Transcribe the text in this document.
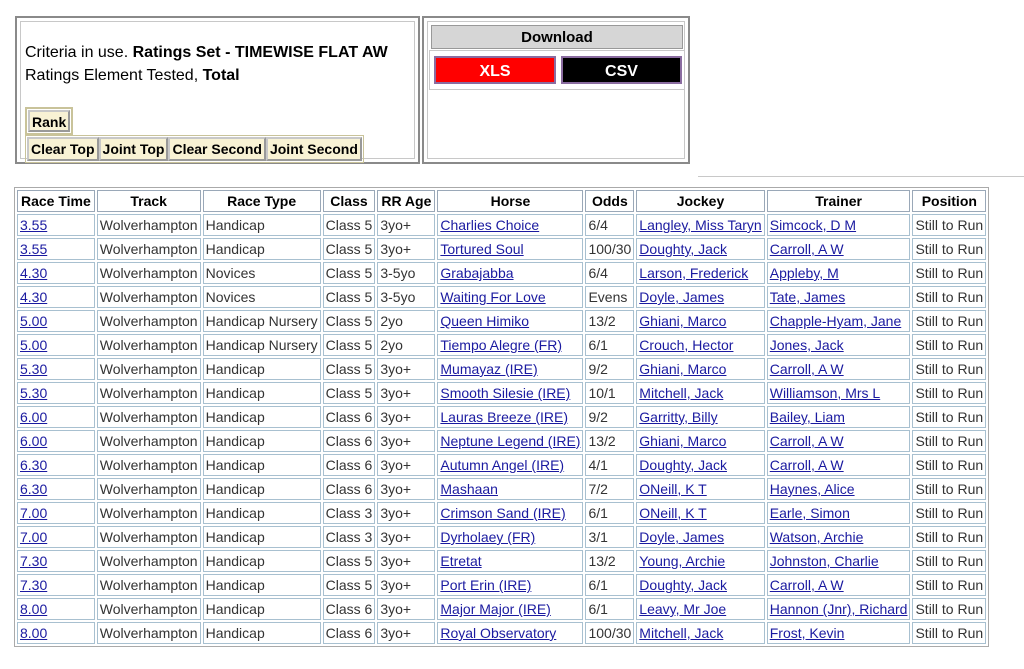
Criteria in use. Ratings Set - TIMEWISE FLAT AW
Ratings Element Tested, Total
Rank
Clear Top Joint Top Clear Second Joint Second
Download
XLS	CSV
Race Time	Track	Race Type	Class	RR Age	Horse	Odds	Jockey	Trainer	Position
3.55	Wolverhampton	Handicap	Class 5	3yo+	Charlies Choice	6/4	Langley, Miss Taryn	Simcock, D M	Still to Run
3.55	Wolverhampton	Handicap	Class 5	3yo+	Tortured Soul	100/30	Doughty, Jack	Carroll, A W	Still to Run
4.30	Wolverhampton	Novices	Class 5	3-5yo	Grabajabba	6/4	Larson, Frederick	Appleby, M	Still to Run
4.30	Wolverhampton	Novices	Class 5	3-5yo	Waiting For Love	Evens	Doyle, James	Tate, James	Still to Run
5.00	Wolverhampton	Handicap Nursery	Class 5	2yo	Queen Himiko	13/2	Ghiani, Marco	Chapple-Hyam, Jane	Still to Run
5.00	Wolverhampton	Handicap Nursery	Class 5	2yo	Tiempo Alegre (FR)	6/1	Crouch, Hector	Jones, Jack	Still to Run
5.30	Wolverhampton	Handicap	Class 5	3yo+	Mumayaz (IRE)	9/2	Ghiani, Marco	Carroll, A W	Still to Run
5.30	Wolverhampton	Handicap	Class 5	3yo+	Smooth Silesie (IRE)	10/1	Mitchell, Jack	Williamson, Mrs L	Still to Run
6.00	Wolverhampton	Handicap	Class 6	3yo+	Lauras Breeze (IRE)	9/2	Garritty, Billy	Bailey, Liam	Still to Run
6.00	Wolverhampton	Handicap	Class 6	3yo+	Neptune Legend (IRE)	13/2	Ghiani, Marco	Carroll, A W	Still to Run
6.30	Wolverhampton	Handicap	Class 6	3yo+	Autumn Angel (IRE)	4/1	Doughty, Jack	Carroll, A W	Still to Run
6.30	Wolverhampton	Handicap	Class 6	3yo+	Mashaan	7/2	ONeill, K T	Haynes, Alice	Still to Run
7.00	Wolverhampton	Handicap	Class 3	3yo+	Crimson Sand (IRE)	6/1	ONeill, K T	Earle, Simon	Still to Run
7.00	Wolverhampton	Handicap	Class 3	3yo+	Dyrholaey (FR)	3/1	Doyle, James	Watson, Archie	Still to Run
7.30	Wolverhampton	Handicap	Class 5	3yo+	Etretat	13/2	Young, Archie	Johnston, Charlie	Still to Run
7.30	Wolverhampton	Handicap	Class 5	3yo+	Port Erin (IRE)	6/1	Doughty, Jack	Carroll, A W	Still to Run
8.00	Wolverhampton	Handicap	Class 6	3yo+	Major Major (IRE)	6/1	Leavy, Mr Joe	Hannon (Jnr), Richard	Still to Run
8.00	Wolverhampton	Handicap	Class 6	3yo+	Royal Observatory	100/30	Mitchell, Jack	Frost, Kevin	Still to Run
